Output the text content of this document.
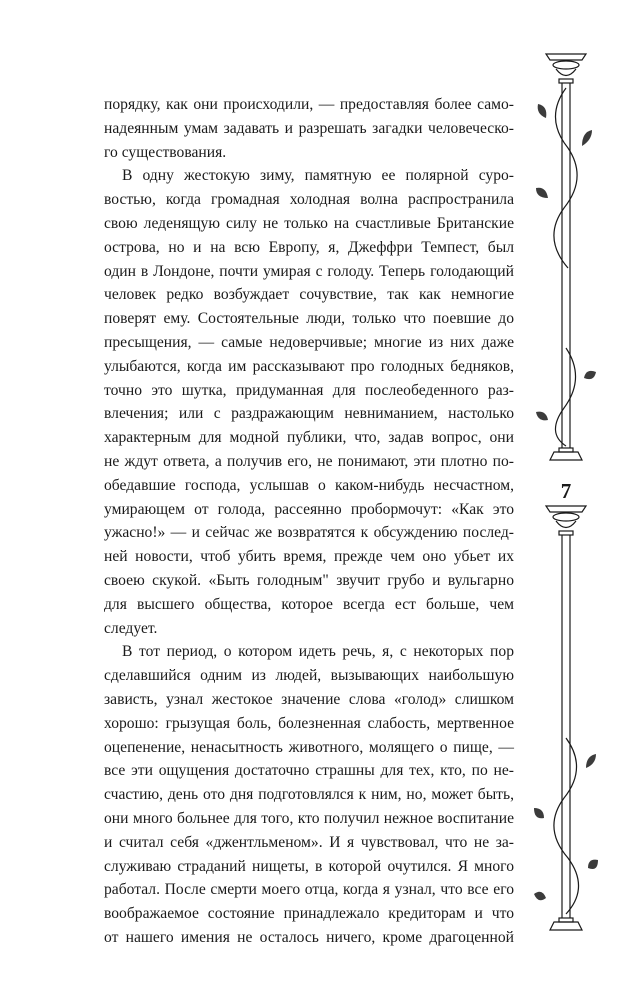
порядку, как они происходили, — предоставляя более само-
надеянным умам задавать и разрешать загадки человеческо-
го существования.
В одну жестокую зиму, памятную ее полярной суро-
востью, когда громадная холодная волна распространила
свою леденящую силу не только на счастливые Британские
острова, но и на всю Европу, я, Джеффри Темпест, был
один в Лондоне, почти умирая с голоду. Теперь голодающий
человек редко возбуждает сочувствие, так как немногие
поверят ему. Состоятельные люди, только что поевшие до
пресыщения, — самые недоверчивые; многие из них даже
улыбаются, когда им рассказывают про голодных бедняков,
точно это шутка, придуманная для послеобеденного раз-
влечения; или с раздражающим невниманием, настолько
характерным для модной публики, что, задав вопрос, они
не ждут ответа, а получив его, не понимают, эти плотно по-
обедавшие господа, услышав о каком-нибудь несчастном,
умирающем от голода, рассеянно пробормочут: «Как это
ужасно!» — и сейчас же возвратятся к обсуждению послед-
ней новости, чтоб убить время, прежде чем оно убьет их
своею скукой. «Быть голодным" звучит грубо и вульгарно
для высшего общества, которое всегда ест больше, чем
следует.
В тот период, о котором идеть речь, я, с некоторых пор
сделавшийся одним из людей, вызывающих наибольшую
зависть, узнал жестокое значение слова «голод» слишком
хорошо: грызущая боль, болезненная слабость, мертвенное
оцепенение, ненасытность животного, молящего о пище, —
все эти ощущения достаточно страшны для тех, кто, по не-
счастию, день ото дня подготовлялся к ним, но, может быть,
они много больнее для того, кто получил нежное воспитание
и считал себя «джентльменом». И я чувствовал, что не за-
служиваю страданий нищеты, в которой очутился. Я много
работал. После смерти моего отца, когда я узнал, что все его
воображаемое состояние принадлежало кредиторам и что
от нашего имения не осталось ничего, кроме драгоценной
7
